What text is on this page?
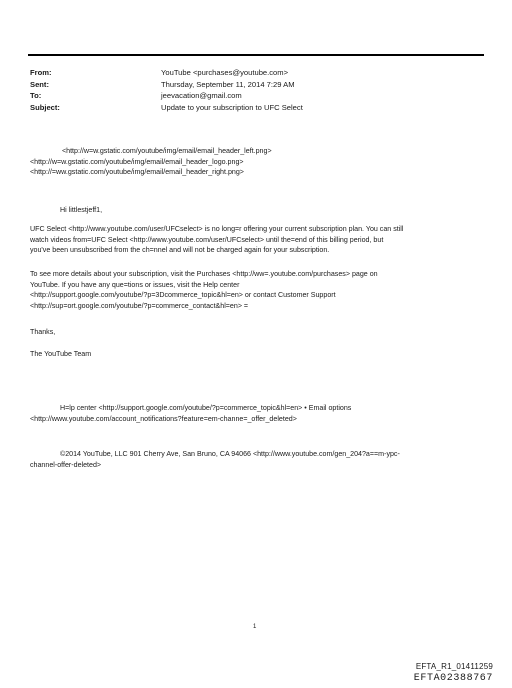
From:	YouTube <purchases@youtube.com>
Sent:	Thursday, September 11, 2014 7:29 AM
To:	jeevacation@gmail.com
Subject:	Update to your subscription to UFC Select
<http://w=w.gstatic.com/youtube/img/email/email_header_left.png>
<http://w=w.gstatic.com/youtube/img/email/email_header_logo.png>
<http://=ww.gstatic.com/youtube/img/email/email_header_right.png>
Hi littlestjeff1,
UFC Select <http://www.youtube.com/user/UFCselect> is no long=r offering your current subscription plan. You can still
watch videos from=UFC Select <http://www.youtube.com/user/UFCselect> until the=end of this billing period, but
you've been unsubscribed from the ch=nnel and will not be charged again for your subscription.
To see more details about your subscription, visit the Purchases <http://ww=.youtube.com/purchases> page on
YouTube. If you have any que=tions or issues, visit the Help center
<http://support.google.com/youtube/?p=3Dcommerce_topic&hl=en> or contact Customer Support
<http://sup=ort.google.com/youtube/?p=commerce_contact&hl=en> =
Thanks,
The YouTube Team
H=lp center <http://support.google.com/youtube/?p=commerce_topic&hl=en> • Email options
<http://www.youtube.com/account_notifications?feature=em-channe=_offer_deleted>
©2014 YouTube, LLC 901 Cherry Ave, San Bruno, CA 94066 <http://www.youtube.com/gen_204?a==m-ypc-
channel-offer-deleted>
1
EFTA_R1_01411259
EFTA02388767
